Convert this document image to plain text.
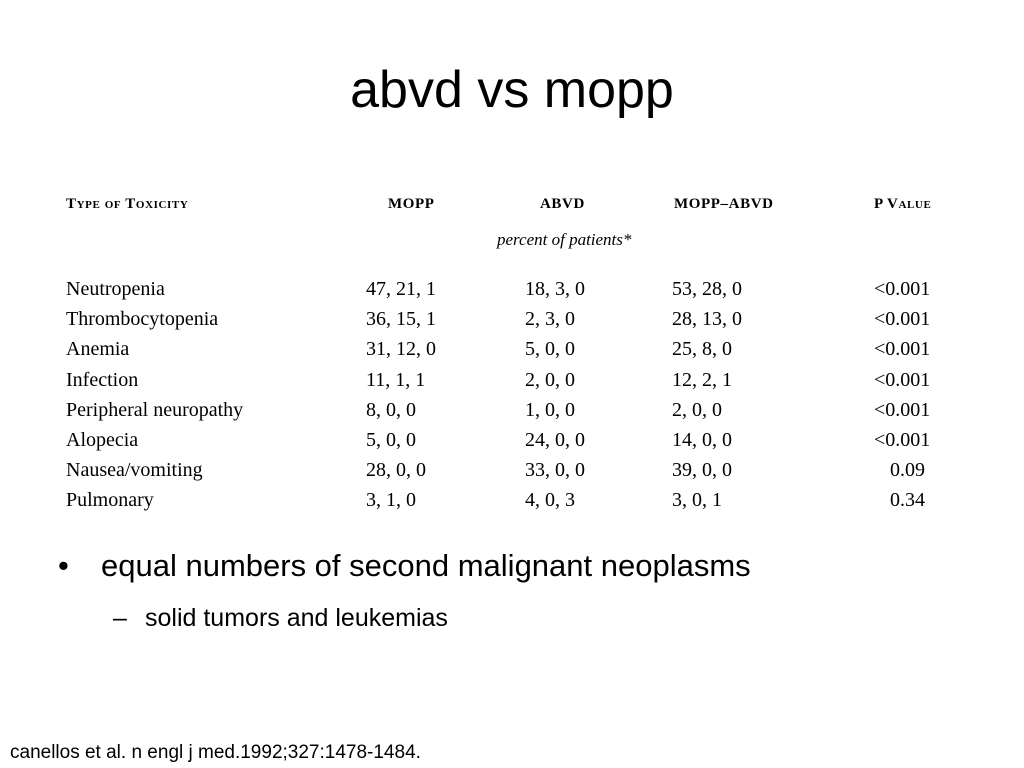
abvd vs mopp
Type of Toxicity	MOPP	ABVD	MOPP–ABVD	P Value
percent of patients*
Neutropenia	47, 21, 1	18, 3, 0	53, 28, 0	<0.001
Thrombocytopenia	36, 15, 1	2, 3, 0	28, 13, 0	<0.001
Anemia	31, 12, 0	5, 0, 0	25, 8, 0	<0.001
Infection	11, 1, 1	2, 0, 0	12, 2, 1	<0.001
Peripheral neuropathy	8, 0, 0	1, 0, 0	2, 0, 0	<0.001
Alopecia	5, 0, 0	24, 0, 0	14, 0, 0	<0.001
Nausea/vomiting	28, 0, 0	33, 0, 0	39, 0, 0	0.09
Pulmonary	3, 1, 0	4, 0, 3	3, 0, 1	0.34
• equal numbers of second malignant neoplasms
– solid tumors and leukemias
canellos et al. n engl j med.1992;327:1478-1484.
